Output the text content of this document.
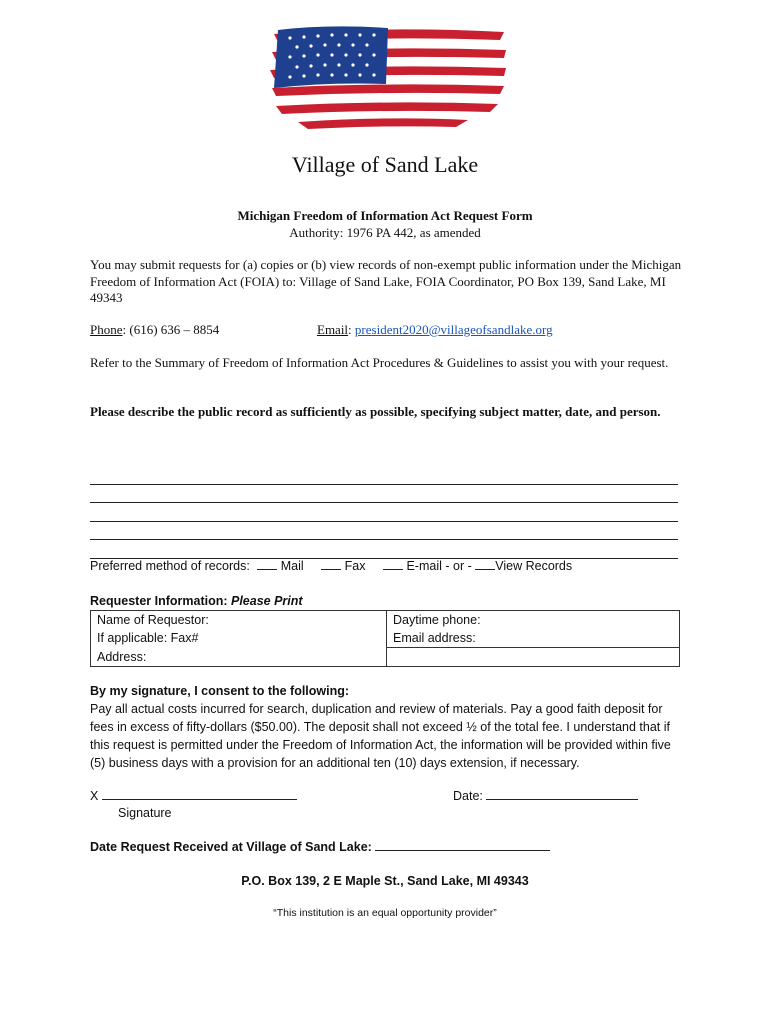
Village of Sand Lake
Michigan Freedom of Information Act Request Form
Authority: 1976 PA 442, as amended
You may submit requests for (a) copies or (b) view records of non-exempt public information under the Michigan Freedom of Information Act (FOIA) to: Village of Sand Lake, FOIA Coordinator, PO Box 139, Sand Lake, MI 49343
Phone: (616) 636 – 8854	Email: president2020@villageofsandlake.org
Refer to the Summary of Freedom of Information Act Procedures & Guidelines to assist you with your request.
Please describe the public record as sufficiently as possible, specifying subject matter, date, and person.
Preferred method of records: Mail	Fax	E-mail - or - View Records
Requester Information: Please Print
Name of Requestor:	Daytime phone:
If applicable: Fax#	Email address:
Address:	
By my signature, I consent to the following:
Pay all actual costs incurred for search, duplication and review of materials. Pay a good faith deposit for fees in excess of fifty-dollars ($50.00). The deposit shall not exceed ½ of the total fee. I understand that if this request is permitted under the Freedom of Information Act, the information will be provided within five (5) business days with a provision for an additional ten (10) days extension, if necessary.
X	Date:
Signature
Date Request Received at Village of Sand Lake:
P.O. Box 139, 2 E Maple St., Sand Lake, MI 49343
“This institution is an equal opportunity provider”
